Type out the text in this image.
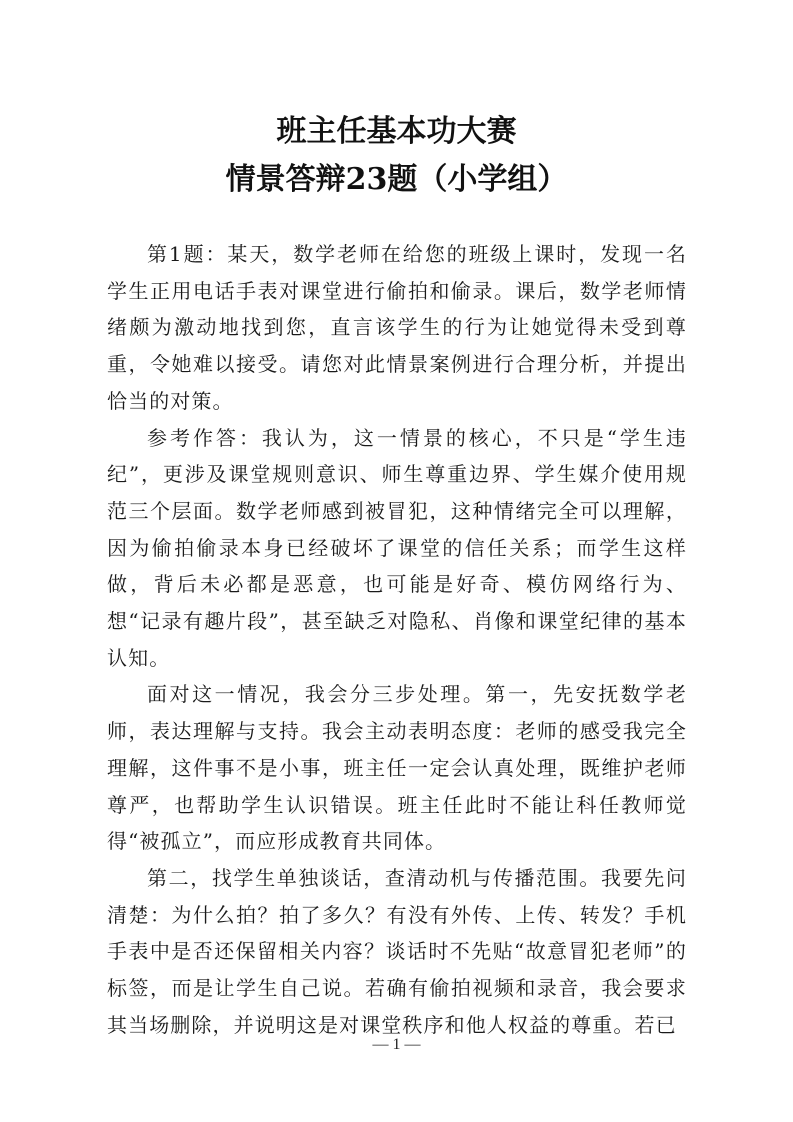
班主任基本功大赛
情景答辩23题（小学组）

第1题：某天，数学老师在给您的班级上课时，发现一名学生正用电话手表对课堂进行偷拍和偷录。课后，数学老师情绪颇为激动地找到您，直言该学生的行为让她觉得未受到尊重，令她难以接受。请您对此情景案例进行合理分析，并提出恰当的对策。

参考作答：我认为，这一情景的核心，不只是“学生违纪”，更涉及课堂规则意识、师生尊重边界、学生媒介使用规范三个层面。数学老师感到被冒犯，这种情绪完全可以理解，因为偷拍偷录本身已经破坏了课堂的信任关系；而学生这样做，背后未必都是恶意，也可能是好奇、模仿网络行为、想“记录有趣片段”，甚至缺乏对隐私、肖像和课堂纪律的基本认知。

面对这一情况，我会分三步处理。第一，先安抚数学老师，表达理解与支持。我会主动表明态度：老师的感受我完全理解，这件事不是小事，班主任一定会认真处理，既维护老师尊严，也帮助学生认识错误。班主任此时不能让科任教师觉得“被孤立”，而应形成教育共同体。

第二，找学生单独谈话，查清动机与传播范围。我要先问清楚：为什么拍？拍了多久？有没有外传、上传、转发？手机手表中是否还保留相关内容？谈话时不先贴“故意冒犯老师”的标签，而是让学生自己说。若确有偷拍视频和录音，我会要求其当场删除，并说明这是对课堂秩序和他人权益的尊重。若已

— 1 —
